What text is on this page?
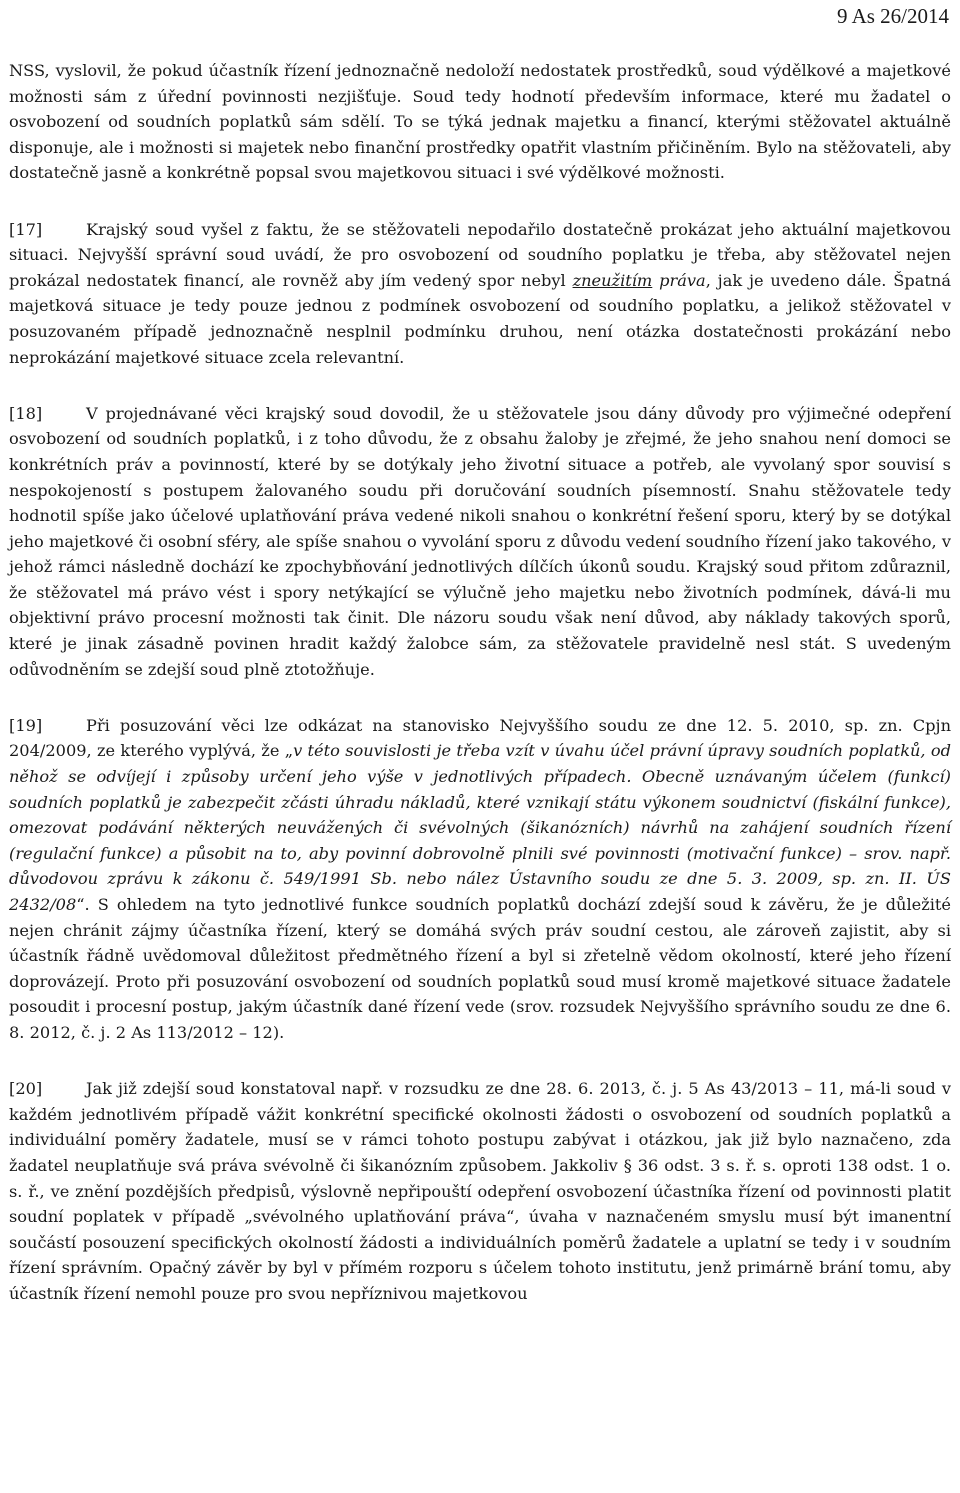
9 As 26/2014

NSS, vyslovil, že pokud účastník řízení jednoznačně nedoloží nedostatek prostředků, soud výdělkové a majetkové možnosti sám z úřední povinnosti nezjišťuje. Soud tedy hodnotí především informace, které mu žadatel o osvobození od soudních poplatků sám sdělí. To se týká jednak majetku a financí, kterými stěžovatel aktuálně disponuje, ale i možnosti si majetek nebo finanční prostředky opatřit vlastním přičiněním. Bylo na stěžovateli, aby dostatečně jasně a konkrétně popsal svou majetkovou situaci i své výdělkové možnosti.

[17]	Krajský soud vyšel z faktu, že se stěžovateli nepodařilo dostatečně prokázat jeho aktuální majetkovou situaci. Nejvyšší správní soud uvádí, že pro osvobození od soudního poplatku je třeba, aby stěžovatel nejen prokázal nedostatek financí, ale rovněž aby jím vedený spor nebyl zneužitím práva, jak je uvedeno dále. Špatná majetková situace je tedy pouze jednou z podmínek osvobození od soudního poplatku, a jelikož stěžovatel v posuzovaném případě jednoznačně nesplnil podmínku druhou, není otázka dostatečnosti prokázání nebo neprokázání majetkové situace zcela relevantní.

[18]	V projednávané věci krajský soud dovodil, že u stěžovatele jsou dány důvody pro výjimečné odepření osvobození od soudních poplatků, i z toho důvodu, že z obsahu žaloby je zřejmé, že jeho snahou není domoci se konkrétních práv a povinností, které by se dotýkaly jeho životní situace a potřeb, ale vyvolaný spor souvisí s nespokojeností s postupem žalovaného soudu při doručování soudních písemností. Snahu stěžovatele tedy hodnotil spíše jako účelové uplatňování práva vedené nikoli snahou o konkrétní řešení sporu, který by se dotýkal jeho majetkové či osobní sféry, ale spíše snahou o vyvolání sporu z důvodu vedení soudního řízení jako takového, v jehož rámci následně dochází ke zpochybňování jednotlivých dílčích úkonů soudu. Krajský soud přitom zdůraznil, že stěžovatel má právo vést i spory netýkající se výlučně jeho majetku nebo životních podmínek, dává-li mu objektivní právo procesní možnosti tak činit. Dle názoru soudu však není důvod, aby náklady takových sporů, které je jinak zásadně povinen hradit každý žalobce sám, za stěžovatele pravidelně nesl stát. S uvedeným odůvodněním se zdejší soud plně ztotožňuje.

[19]	Při posuzování věci lze odkázat na stanovisko Nejvyššího soudu ze dne 12. 5. 2010, sp. zn. Cpjn 204/2009, ze kterého vyplývá, že „v této souvislosti je třeba vzít v úvahu účel právní úpravy soudních poplatků, od něhož se odvíjejí i způsoby určení jeho výše v jednotlivých případech. Obecně uznávaným účelem (funkcí) soudních poplatků je zabezpečit zčásti úhradu nákladů, které vznikají státu výkonem soudnictví (fiskální funkce), omezovat podávání některých neuvážených či svévolných (šikanózních) návrhů na zahájení soudních řízení (regulační funkce) a působit na to, aby povinní dobrovolně plnili své povinnosti (motivační funkce) – srov. např. důvodovou zprávu k zákonu č. 549/1991 Sb. nebo nález Ústavního soudu ze dne 5. 3. 2009, sp. zn. II. ÚS 2432/08“. S ohledem na tyto jednotlivé funkce soudních poplatků dochází zdejší soud k závěru, že je důležité nejen chránit zájmy účastníka řízení, který se domáhá svých práv soudní cestou, ale zároveň zajistit, aby si účastník řádně uvědomoval důležitost předmětného řízení a byl si zřetelně vědom okolností, které jeho řízení doprovázejí. Proto při posuzování osvobození od soudních poplatků soud musí kromě majetkové situace žadatele posoudit i procesní postup, jakým účastník dané řízení vede (srov. rozsudek Nejvyššího správního soudu ze dne 6. 8. 2012, č. j. 2 As 113/2012 – 12).

[20]	Jak již zdejší soud konstatoval např. v rozsudku ze dne 28. 6. 2013, č. j. 5 As 43/2013 – 11, má-li soud v každém jednotlivém případě vážit konkrétní specifické okolnosti žádosti o osvobození od soudních poplatků a individuální poměry žadatele, musí se v rámci tohoto postupu zabývat i otázkou, jak již bylo naznačeno, zda žadatel neuplatňuje svá práva svévolně či šikanózním způsobem. Jakkoliv § 36 odst. 3 s. ř. s. oproti 138 odst. 1 o. s. ř., ve znění pozdějších předpisů, výslovně nepřipouští odepření osvobození účastníka řízení od povinnosti platit soudní poplatek v případě „svévolného uplatňování práva“, úvaha v naznačeném smyslu musí být imanentní součástí posouzení specifických okolností žádosti a individuálních poměrů žadatele a uplatní se tedy i v soudním řízení správním. Opačný závěr by byl v přímém rozporu s účelem tohoto institutu, jenž primárně brání tomu, aby účastník řízení nemohl pouze pro svou nepříznivou majetkovou
